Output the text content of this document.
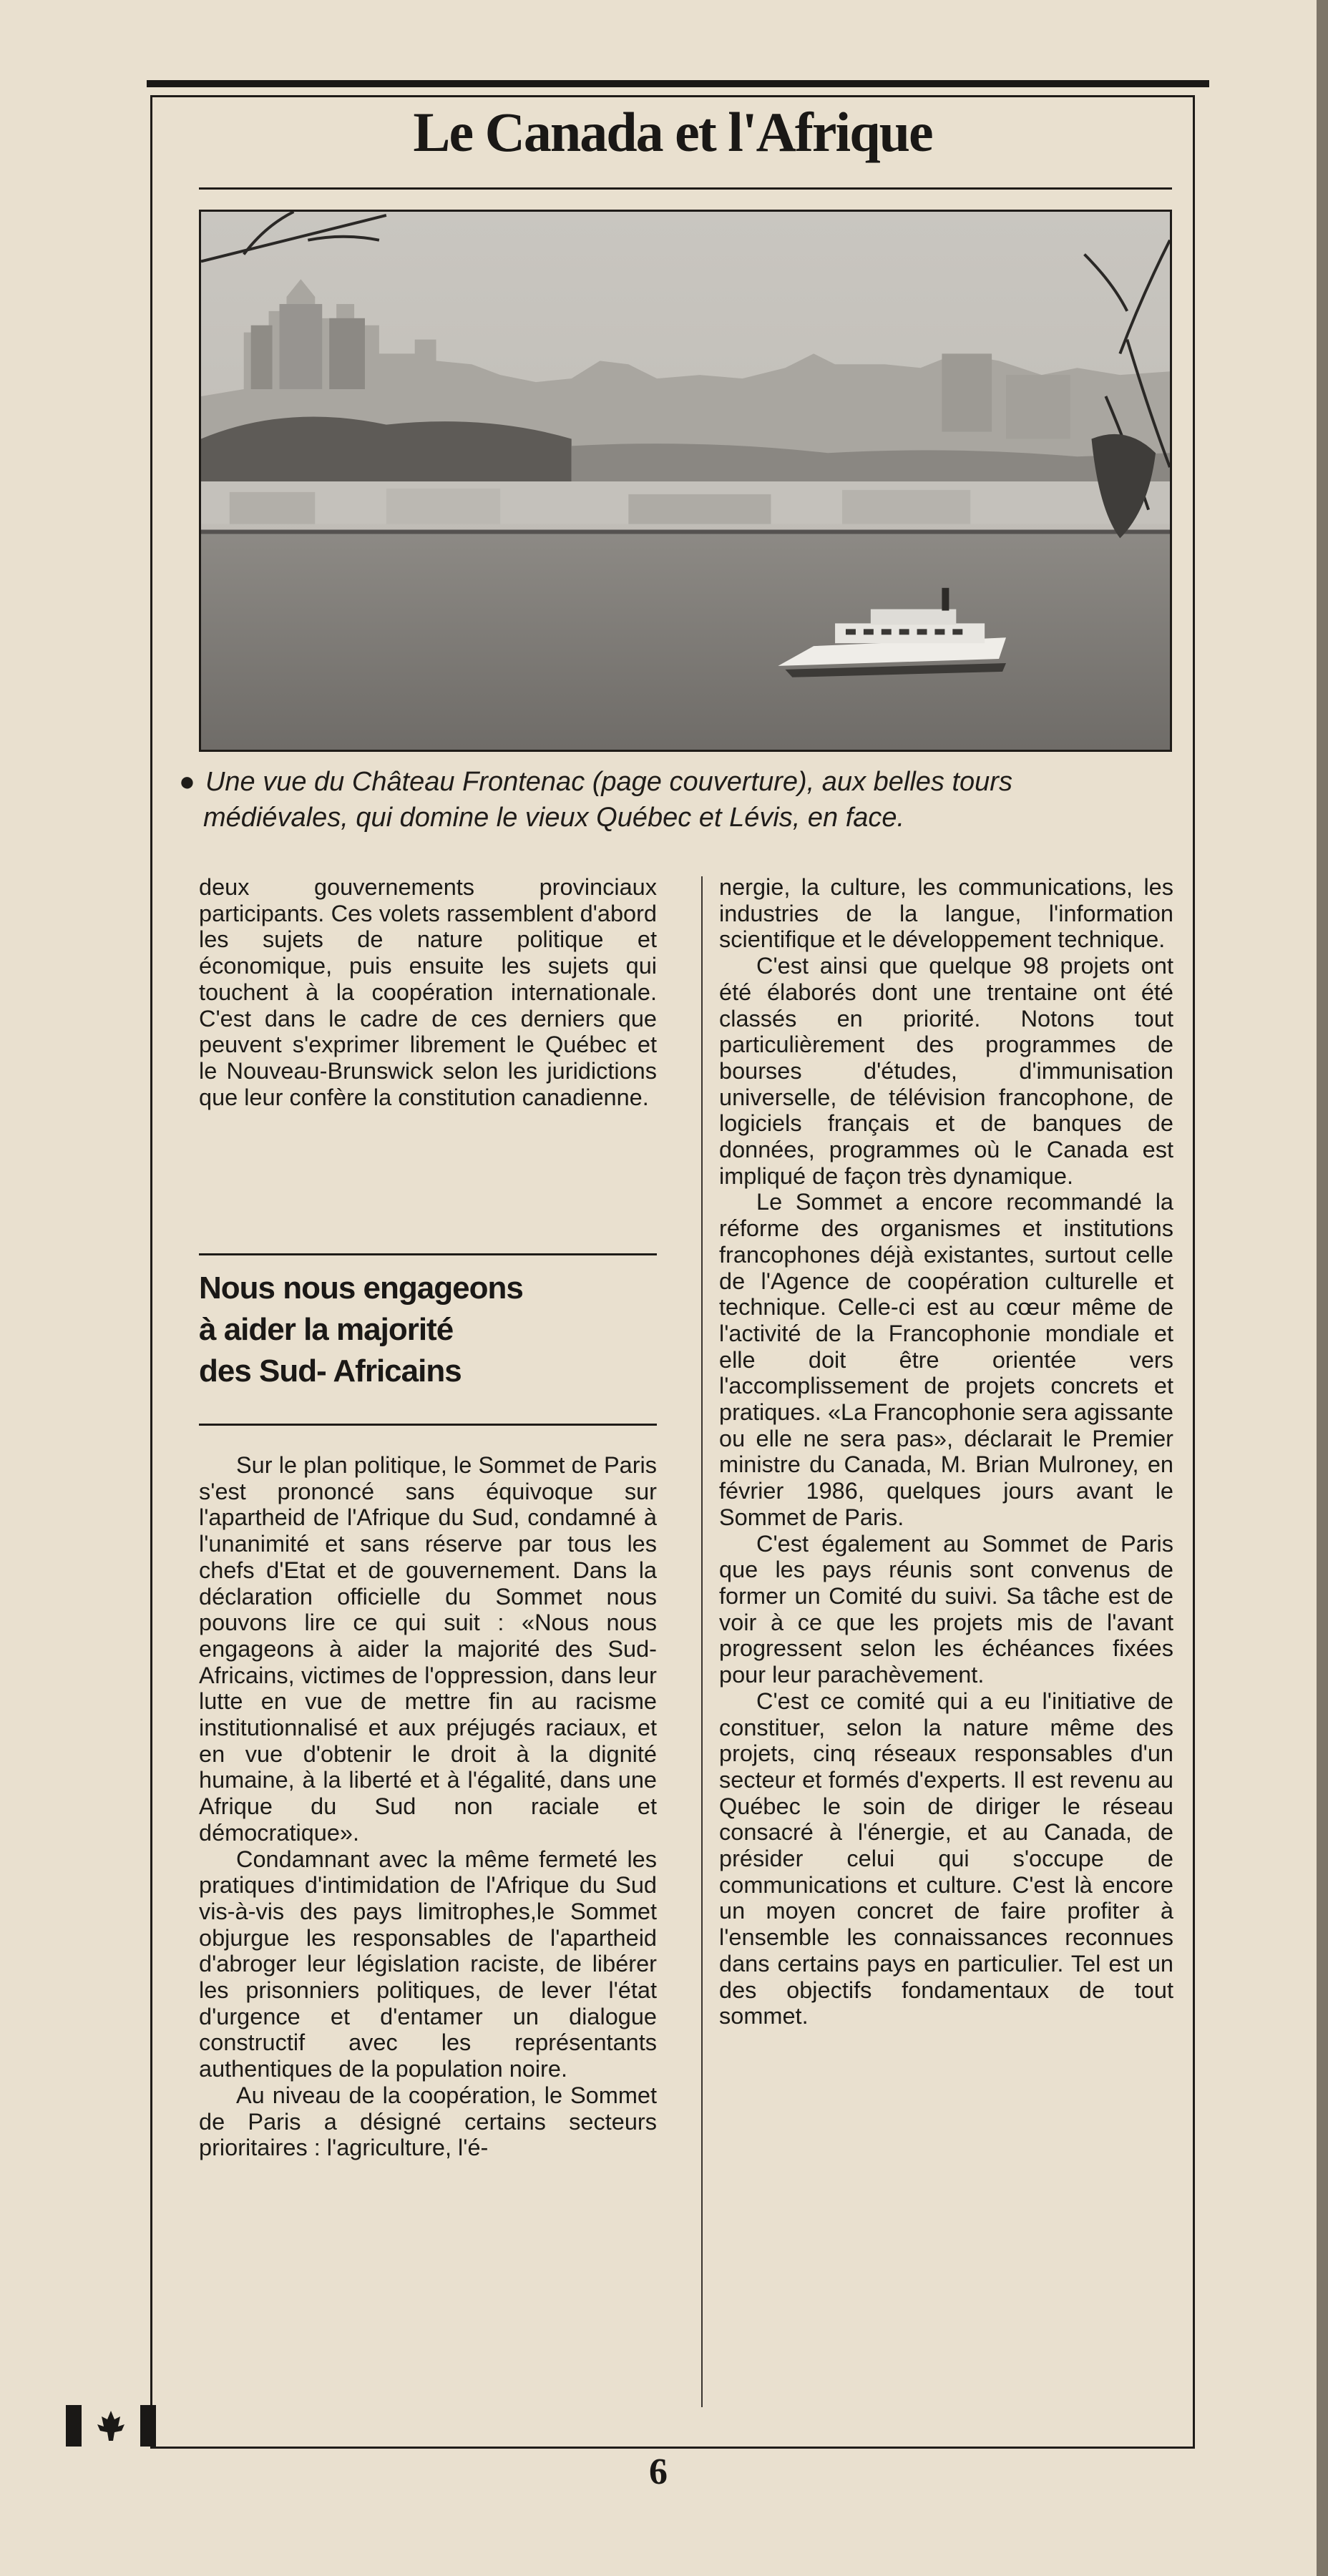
Le Canada et l'Afrique
● Une vue du Château Frontenac (page couverture), aux belles tours
médiévales, qui domine le vieux Québec et Lévis, en face.

deux gouvernements provinciaux participants. Ces volets rassemblent d'abord les sujets de nature politique et économique, puis ensuite les sujets qui touchent à la coopération internationale. C'est dans le cadre de ces derniers que peuvent s'exprimer librement le Québec et le Nouveau-Brunswick selon les juridictions que leur confère la constitution canadienne.

Nous nous engageons
à aider la majorité
des Sud- Africains

Sur le plan politique, le Sommet de Paris s'est prononcé sans équivoque sur l'apartheid de l'Afrique du Sud, condamné à l'unanimité et sans réserve par tous les chefs d'Etat et de gouvernement. Dans la déclaration officielle du Sommet nous pouvons lire ce qui suit : «Nous nous engageons à aider la majorité des Sud-Africains, victimes de l'oppression, dans leur lutte en vue de mettre fin au racisme institutionnalisé et aux préjugés raciaux, et en vue d'obtenir le droit à la dignité humaine, à la liberté et à l'égalité, dans une Afrique du Sud non raciale et démocratique».

Condamnant avec la même fermeté les pratiques d'intimidation de l'Afrique du Sud vis-à-vis des pays limitrophes,le Sommet objurgue les responsables de l'apartheid d'abroger leur législation raciste, de libérer les prisonniers politiques, de lever l'état d'urgence et d'entamer un dialogue constructif avec les représentants authentiques de la population noire.

Au niveau de la coopération, le Sommet de Paris a désigné certains secteurs prioritaires : l'agriculture, l'é-

nergie, la culture, les communications, les industries de la langue, l'information scientifique et le développement technique.

C'est ainsi que quelque 98 projets ont été élaborés dont une trentaine ont été classés en priorité. Notons tout particulièrement des programmes de bourses d'études, d'immunisation universelle, de télévision francophone, de logiciels français et de banques de données, programmes où le Canada est impliqué de façon très dynamique.

Le Sommet a encore recommandé la réforme des organismes et institutions francophones déjà existantes, surtout celle de l'Agence de coopération culturelle et technique. Celle-ci est au cœur même de l'activité de la Francophonie mondiale et elle doit être orientée vers l'accomplissement de projets concrets et pratiques. «La Francophonie sera agissante ou elle ne sera pas», déclarait le Premier ministre du Canada, M. Brian Mulroney, en février 1986, quelques jours avant le Sommet de Paris.

C'est également au Sommet de Paris que les pays réunis sont convenus de former un Comité du suivi. Sa tâche est de voir à ce que les projets mis de l'avant progressent selon les échéances fixées pour leur parachèvement.

C'est ce comité qui a eu l'initiative de constituer, selon la nature même des projets, cinq réseaux responsables d'un secteur et formés d'experts. Il est revenu au Québec le soin de diriger le réseau consacré à l'énergie, et au Canada, de présider celui qui s'occupe de communications et culture. C'est là encore un moyen concret de faire profiter à l'ensemble les connaissances reconnues dans certains pays en particulier. Tel est un des objectifs fondamentaux de tout sommet.

6
